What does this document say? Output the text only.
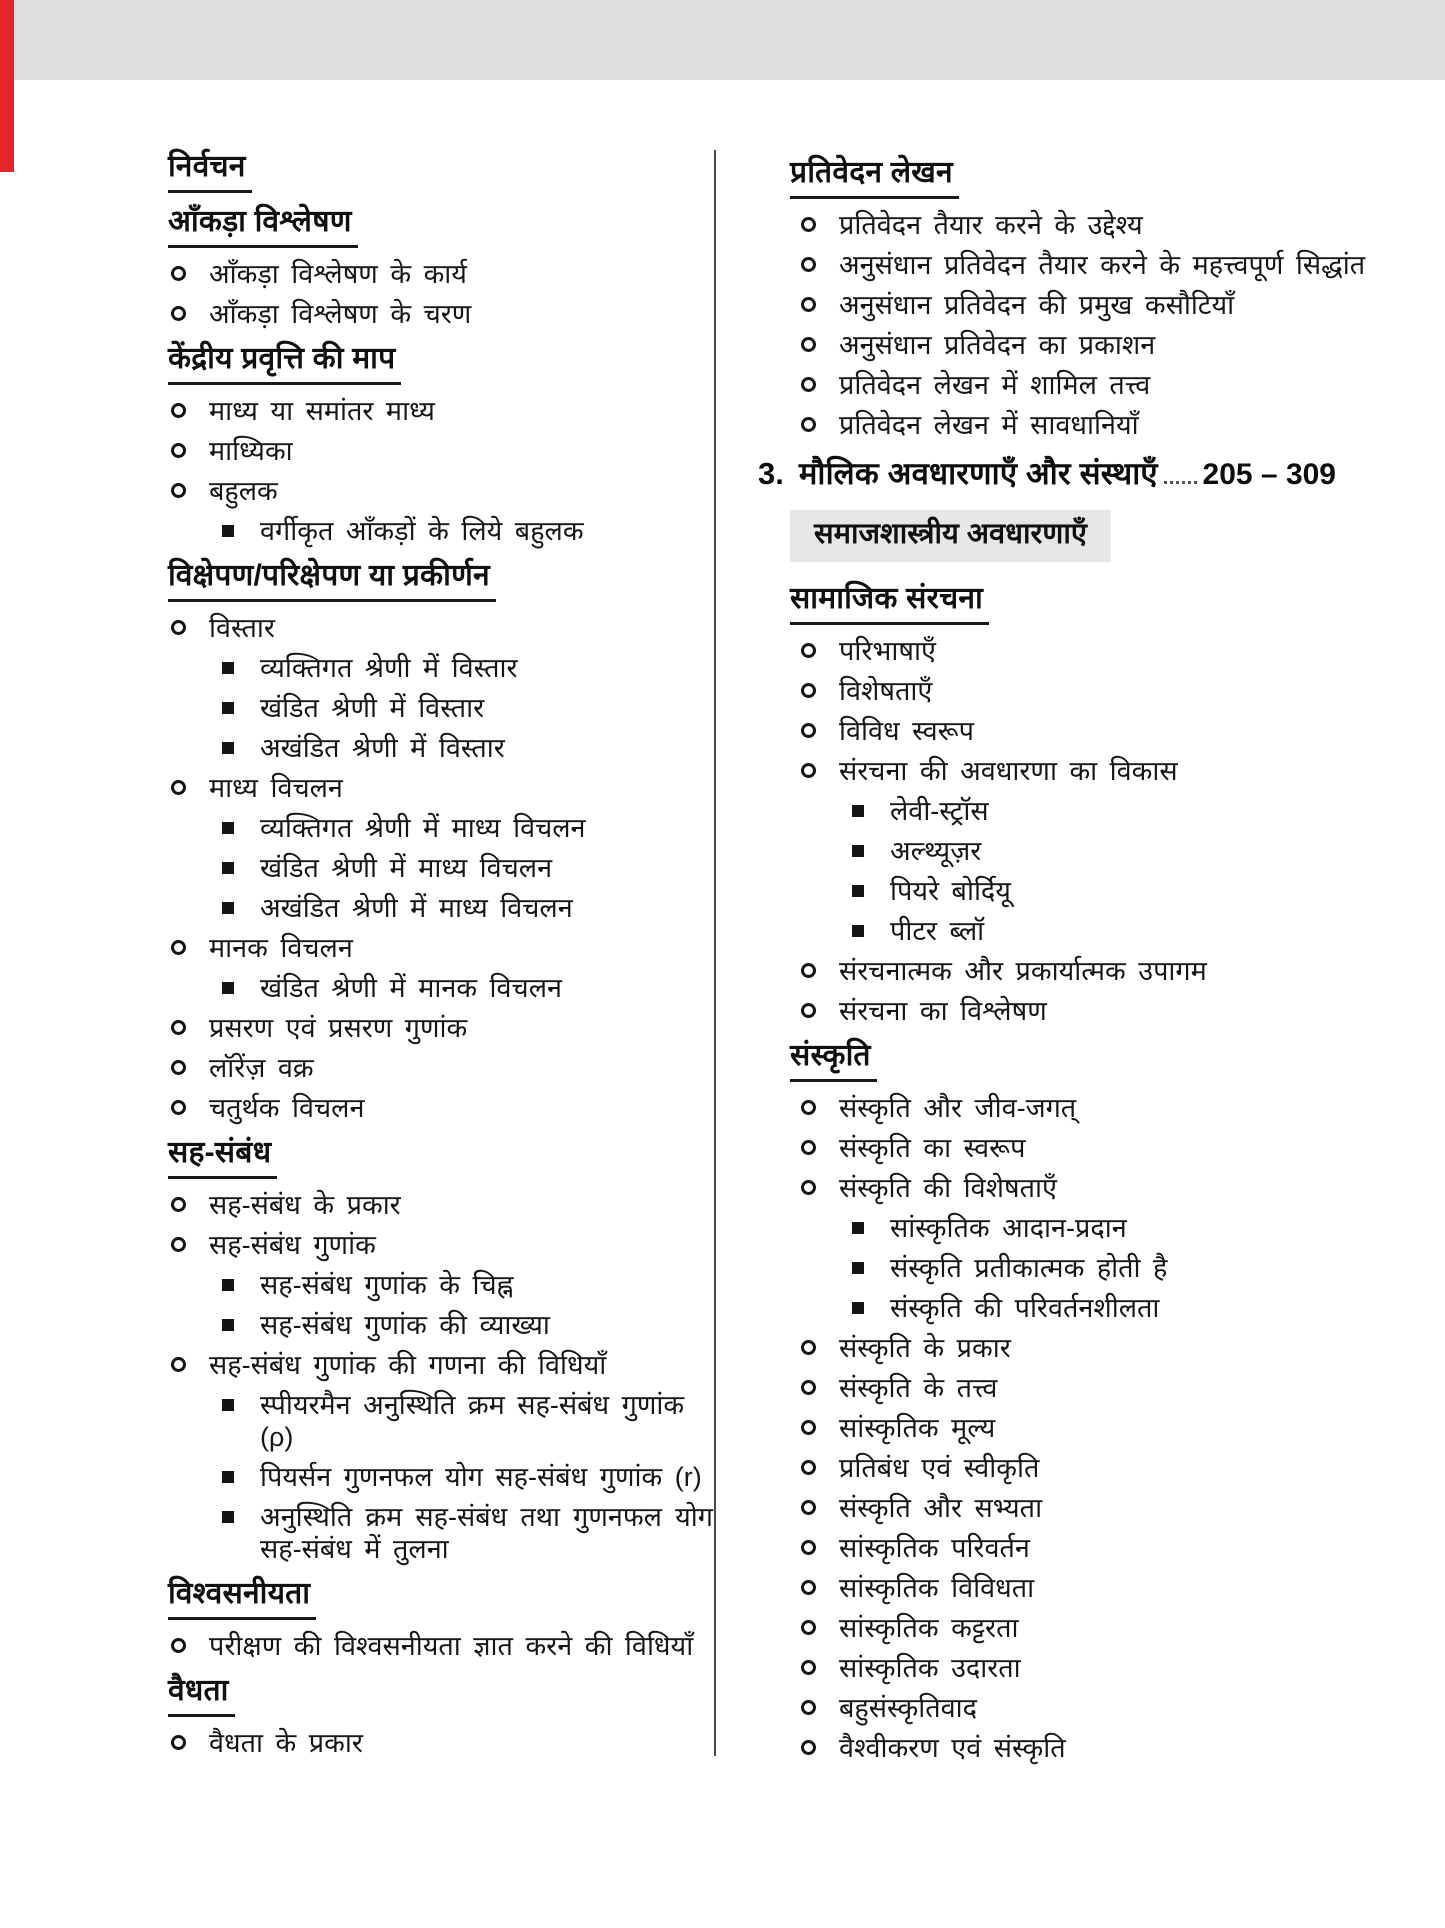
निर्वचन
आँकड़ा विश्लेषण
आँकड़ा विश्लेषण के कार्य
आँकड़ा विश्लेषण के चरण
केंद्रीय प्रवृत्ति की माप
माध्य या समांतर माध्य
माध्यिका
बहुलक
वर्गीकृत आँकड़ों के लिये बहुलक
विक्षेपण/परिक्षेपण या प्रकीर्णन
विस्तार
व्यक्तिगत श्रेणी में विस्तार
खंडित श्रेणी में विस्तार
अखंडित श्रेणी में विस्तार
माध्य विचलन
व्यक्तिगत श्रेणी में माध्य विचलन
खंडित श्रेणी में माध्य विचलन
अखंडित श्रेणी में माध्य विचलन
मानक विचलन
खंडित श्रेणी में मानक विचलन
प्रसरण एवं प्रसरण गुणांक
लॉरेंज़ वक्र
चतुर्थक विचलन
सह-संबंध
सह-संबंध के प्रकार
सह-संबंध गुणांक
सह-संबंध गुणांक के चिह्न
सह-संबंध गुणांक की व्याख्या
सह-संबंध गुणांक की गणना की विधियाँ
स्पीयरमैन अनुस्थिति क्रम सह-संबंध गुणांक (ρ)
पियर्सन गुणनफल योग सह-संबंध गुणांक (r)
अनुस्थिति क्रम सह-संबंध तथा गुणनफल योग सह-संबंध में तुलना
विश्वसनीयता
परीक्षण की विश्वसनीयता ज्ञात करने की विधियाँ
वैधता
वैधता के प्रकार
प्रतिवेदन लेखन
प्रतिवेदन तैयार करने के उद्देश्य
अनुसंधान प्रतिवेदन तैयार करने के महत्त्वपूर्ण सिद्धांत
अनुसंधान प्रतिवेदन की प्रमुख कसौटियाँ
अनुसंधान प्रतिवेदन का प्रकाशन
प्रतिवेदन लेखन में शामिल तत्त्व
प्रतिवेदन लेखन में सावधानियाँ
3. मौलिक अवधारणाएँ और संस्थाएँ 205 – 309
समाजशास्त्रीय अवधारणाएँ
सामाजिक संरचना
परिभाषाएँ
विशेषताएँ
विविध स्वरूप
संरचना की अवधारणा का विकास
लेवी-स्ट्रॉस
अल्थ्यूज़र
पियरे बोर्दियू
पीटर ब्लॉ
संरचनात्मक और प्रकार्यात्मक उपागम
संरचना का विश्लेषण
संस्कृति
संस्कृति और जीव-जगत्
संस्कृति का स्वरूप
संस्कृति की विशेषताएँ
सांस्कृतिक आदान-प्रदान
संस्कृति प्रतीकात्मक होती है
संस्कृति की परिवर्तनशीलता
संस्कृति के प्रकार
संस्कृति के तत्त्व
सांस्कृतिक मूल्य
प्रतिबंध एवं स्वीकृति
संस्कृति और सभ्यता
सांस्कृतिक परिवर्तन
सांस्कृतिक विविधता
सांस्कृतिक कट्टरता
सांस्कृतिक उदारता
बहुसंस्कृतिवाद
वैश्वीकरण एवं संस्कृति
